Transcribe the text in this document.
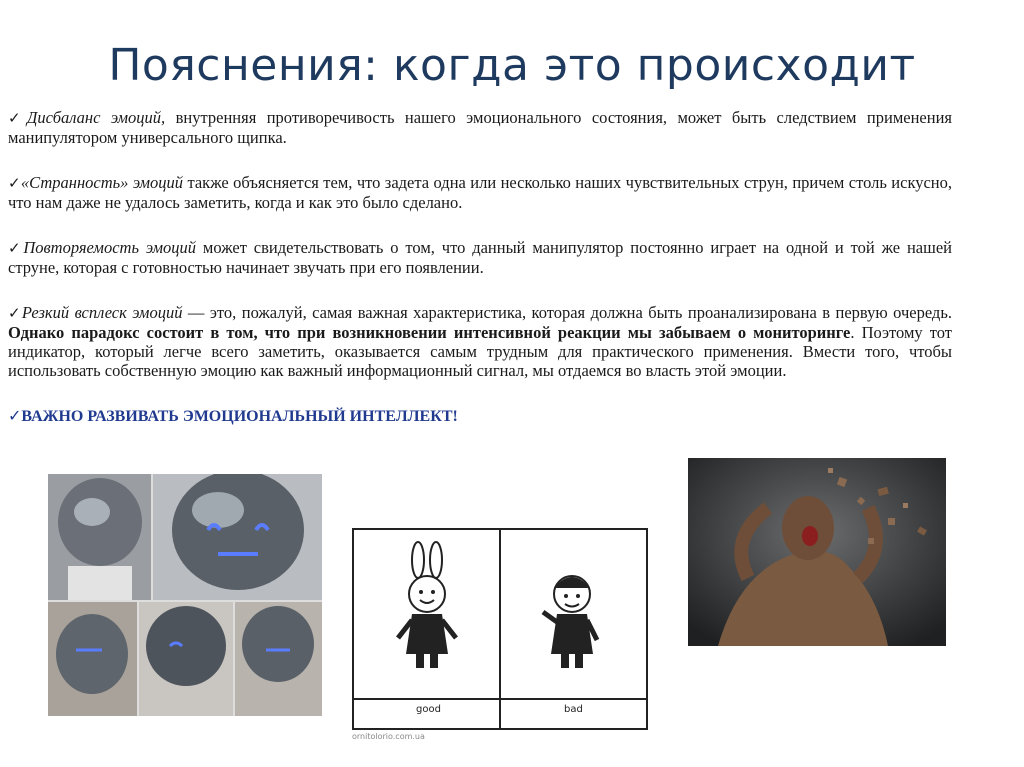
Пояснения: когда это происходит

✓Дисбаланс эмоций, внутренняя противоречивость нашего эмоционального состояния, может быть следствием применения манипулятором универсального щипка.

✓«Странность» эмоций также объясняется тем, что задета одна или несколько наших чувствительных струн, причем столь искусно, что нам даже не удалось заметить, когда и как это было сделано.

✓Повторяемость эмоций может свидетельствовать о том, что данный манипулятор постоянно играет на одной и той же нашей струне, которая с готовностью начинает звучать при его появлении.

✓Резкий всплеск эмоций — это, пожалуй, самая важная характеристика, которая должна быть проанализирована в первую очередь. Однако парадокс состоит в том, что при возникновении интенсивной реакции мы забываем о мониторинге. Поэтому тот индикатор, который легче всего заметить, оказывается самым трудным для практического применения. Вмести того, чтобы использовать собственную эмоцию как важный информационный сигнал, мы отдаемся во власть этой эмоции.

✓ВАЖНО РАЗВИВАТЬ ЭМОЦИОНАЛЬНЫЙ ИНТЕЛЛЕКТ!

good	bad
ornitolorio.com.ua
